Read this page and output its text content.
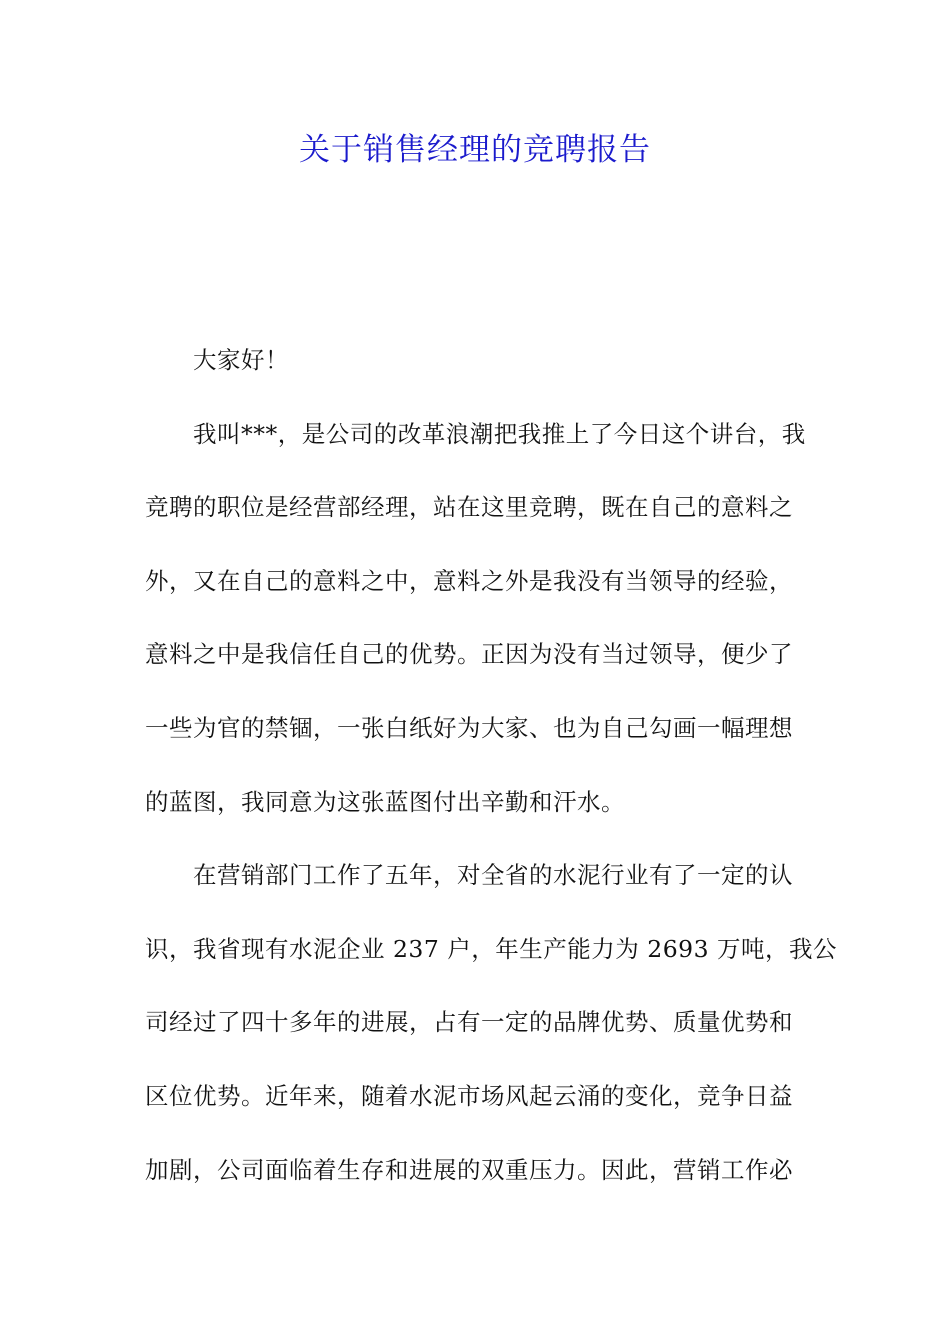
关于销售经理的竞聘报告
大家好！
我叫***，是公司的改革浪潮把我推上了今日这个讲台，我
竞聘的职位是经营部经理，站在这里竞聘，既在自己的意料之
外，又在自己的意料之中，意料之外是我没有当领导的经验，
意料之中是我信任自己的优势。正因为没有当过领导，便少了
一些为官的禁锢，一张白纸好为大家、也为自己勾画一幅理想
的蓝图，我同意为这张蓝图付出辛勤和汗水。
在营销部门工作了五年，对全省的水泥行业有了一定的认
识，我省现有水泥企业 237 户，年生产能力为 2693 万吨，我公
司经过了四十多年的进展，占有一定的品牌优势、质量优势和
区位优势。近年来，随着水泥市场风起云涌的变化，竞争日益
加剧，公司面临着生存和进展的双重压力。因此，营销工作必
